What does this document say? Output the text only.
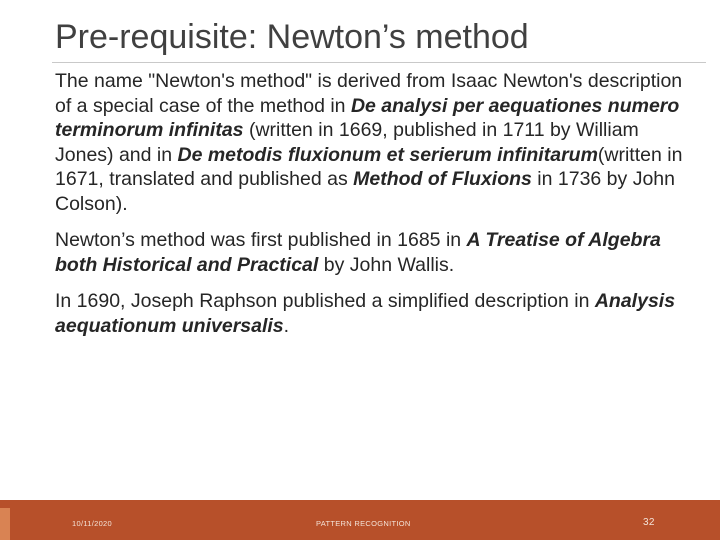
Pre-requisite: Newton’s method

The name "Newton's method" is derived from Isaac Newton's description of a special case of the method in De analysi per aequationes numero terminorum infinitas (written in 1669, published in 1711 by William Jones) and in De metodis fluxionum et serierum infinitarum(written in 1671, translated and published as Method of Fluxions in 1736 by John Colson).

Newton’s method was first published in 1685 in A Treatise of Algebra both Historical and Practical by John Wallis.

In 1690, Joseph Raphson published a simplified description in Analysis aequationum universalis.

10/11/2020	PATTERN RECOGNITION	32
